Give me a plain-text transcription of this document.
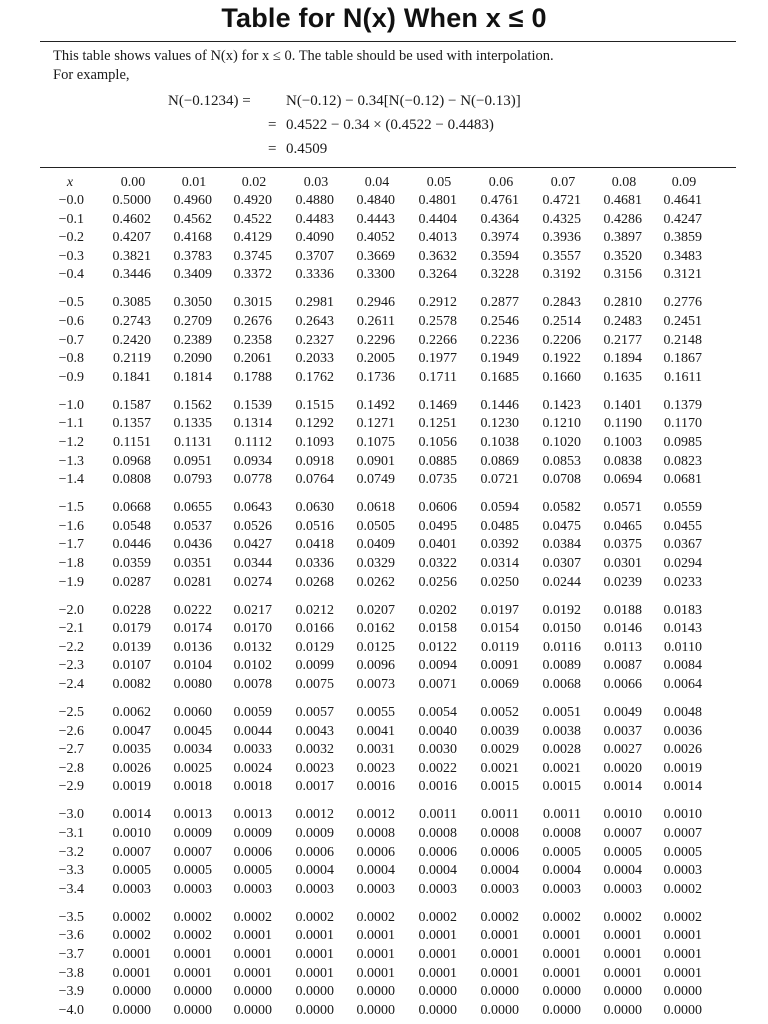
Table for N(x) When x ≤ 0
This table shows values of N(x) for x ≤ 0. The table should be used with interpolation.
For example,
N(−0.1234) = N(−0.12) − 0.34[N(−0.12) − N(−0.13)]
= 0.4522 − 0.34 × (0.4522 − 0.4483)
= 0.4509
x	0.00	0.01	0.02	0.03	0.04	0.05	0.06	0.07	0.08	0.09
−0.0	0.5000	0.4960	0.4920	0.4880	0.4840	0.4801	0.4761	0.4721	0.4681	0.4641
−0.1	0.4602	0.4562	0.4522	0.4483	0.4443	0.4404	0.4364	0.4325	0.4286	0.4247
−0.2	0.4207	0.4168	0.4129	0.4090	0.4052	0.4013	0.3974	0.3936	0.3897	0.3859
−0.3	0.3821	0.3783	0.3745	0.3707	0.3669	0.3632	0.3594	0.3557	0.3520	0.3483
−0.4	0.3446	0.3409	0.3372	0.3336	0.3300	0.3264	0.3228	0.3192	0.3156	0.3121
−0.5	0.3085	0.3050	0.3015	0.2981	0.2946	0.2912	0.2877	0.2843	0.2810	0.2776
−0.6	0.2743	0.2709	0.2676	0.2643	0.2611	0.2578	0.2546	0.2514	0.2483	0.2451
−0.7	0.2420	0.2389	0.2358	0.2327	0.2296	0.2266	0.2236	0.2206	0.2177	0.2148
−0.8	0.2119	0.2090	0.2061	0.2033	0.2005	0.1977	0.1949	0.1922	0.1894	0.1867
−0.9	0.1841	0.1814	0.1788	0.1762	0.1736	0.1711	0.1685	0.1660	0.1635	0.1611
−1.0	0.1587	0.1562	0.1539	0.1515	0.1492	0.1469	0.1446	0.1423	0.1401	0.1379
−1.1	0.1357	0.1335	0.1314	0.1292	0.1271	0.1251	0.1230	0.1210	0.1190	0.1170
−1.2	0.1151	0.1131	0.1112	0.1093	0.1075	0.1056	0.1038	0.1020	0.1003	0.0985
−1.3	0.0968	0.0951	0.0934	0.0918	0.0901	0.0885	0.0869	0.0853	0.0838	0.0823
−1.4	0.0808	0.0793	0.0778	0.0764	0.0749	0.0735	0.0721	0.0708	0.0694	0.0681
−1.5	0.0668	0.0655	0.0643	0.0630	0.0618	0.0606	0.0594	0.0582	0.0571	0.0559
−1.6	0.0548	0.0537	0.0526	0.0516	0.0505	0.0495	0.0485	0.0475	0.0465	0.0455
−1.7	0.0446	0.0436	0.0427	0.0418	0.0409	0.0401	0.0392	0.0384	0.0375	0.0367
−1.8	0.0359	0.0351	0.0344	0.0336	0.0329	0.0322	0.0314	0.0307	0.0301	0.0294
−1.9	0.0287	0.0281	0.0274	0.0268	0.0262	0.0256	0.0250	0.0244	0.0239	0.0233
−2.0	0.0228	0.0222	0.0217	0.0212	0.0207	0.0202	0.0197	0.0192	0.0188	0.0183
−2.1	0.0179	0.0174	0.0170	0.0166	0.0162	0.0158	0.0154	0.0150	0.0146	0.0143
−2.2	0.0139	0.0136	0.0132	0.0129	0.0125	0.0122	0.0119	0.0116	0.0113	0.0110
−2.3	0.0107	0.0104	0.0102	0.0099	0.0096	0.0094	0.0091	0.0089	0.0087	0.0084
−2.4	0.0082	0.0080	0.0078	0.0075	0.0073	0.0071	0.0069	0.0068	0.0066	0.0064
−2.5	0.0062	0.0060	0.0059	0.0057	0.0055	0.0054	0.0052	0.0051	0.0049	0.0048
−2.6	0.0047	0.0045	0.0044	0.0043	0.0041	0.0040	0.0039	0.0038	0.0037	0.0036
−2.7	0.0035	0.0034	0.0033	0.0032	0.0031	0.0030	0.0029	0.0028	0.0027	0.0026
−2.8	0.0026	0.0025	0.0024	0.0023	0.0023	0.0022	0.0021	0.0021	0.0020	0.0019
−2.9	0.0019	0.0018	0.0018	0.0017	0.0016	0.0016	0.0015	0.0015	0.0014	0.0014
−3.0	0.0014	0.0013	0.0013	0.0012	0.0012	0.0011	0.0011	0.0011	0.0010	0.0010
−3.1	0.0010	0.0009	0.0009	0.0009	0.0008	0.0008	0.0008	0.0008	0.0007	0.0007
−3.2	0.0007	0.0007	0.0006	0.0006	0.0006	0.0006	0.0006	0.0005	0.0005	0.0005
−3.3	0.0005	0.0005	0.0005	0.0004	0.0004	0.0004	0.0004	0.0004	0.0004	0.0003
−3.4	0.0003	0.0003	0.0003	0.0003	0.0003	0.0003	0.0003	0.0003	0.0003	0.0002
−3.5	0.0002	0.0002	0.0002	0.0002	0.0002	0.0002	0.0002	0.0002	0.0002	0.0002
−3.6	0.0002	0.0002	0.0001	0.0001	0.0001	0.0001	0.0001	0.0001	0.0001	0.0001
−3.7	0.0001	0.0001	0.0001	0.0001	0.0001	0.0001	0.0001	0.0001	0.0001	0.0001
−3.8	0.0001	0.0001	0.0001	0.0001	0.0001	0.0001	0.0001	0.0001	0.0001	0.0001
−3.9	0.0000	0.0000	0.0000	0.0000	0.0000	0.0000	0.0000	0.0000	0.0000	0.0000
−4.0	0.0000	0.0000	0.0000	0.0000	0.0000	0.0000	0.0000	0.0000	0.0000	0.0000
